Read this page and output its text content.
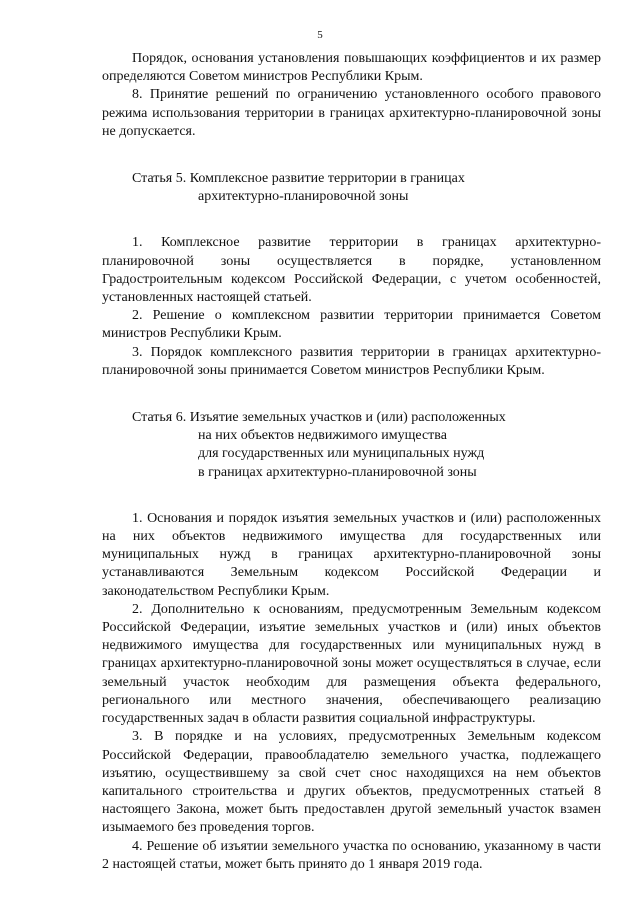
5

Порядок, основания установления повышающих коэффициентов и их размер определяются Советом министров Республики Крым.

8. Принятие решений по ограничению установленного особого правового режима использования территории в границах архитектурно-планировочной зоны не допускается.

Статья 5. Комплексное развитие территории в границах
архитектурно-планировочной зоны

1. Комплексное развитие территории в границах архитектурно-планировочной зоны осуществляется в порядке, установленном Градостроительным кодексом Российской Федерации, с учетом особенностей, установленных настоящей статьей.

2. Решение о комплексном развитии территории принимается Советом министров Республики Крым.

3. Порядок комплексного развития территории в границах архитектурно-планировочной зоны принимается Советом министров Республики Крым.

Статья 6. Изъятие земельных участков и (или) расположенных
на них объектов недвижимого имущества
для государственных или муниципальных нужд
в границах архитектурно-планировочной зоны

1. Основания и порядок изъятия земельных участков и (или) расположенных на них объектов недвижимого имущества для государственных или муниципальных нужд в границах архитектурно-планировочной зоны устанавливаются Земельным кодексом Российской Федерации и законодательством Республики Крым.

2. Дополнительно к основаниям, предусмотренным Земельным кодексом Российской Федерации, изъятие земельных участков и (или) иных объектов недвижимого имущества для государственных или муниципальных нужд в границах архитектурно-планировочной зоны может осуществляться в случае, если земельный участок необходим для размещения объекта федерального, регионального или местного значения, обеспечивающего реализацию государственных задач в области развития социальной инфраструктуры.

3. В порядке и на условиях, предусмотренных Земельным кодексом Российской Федерации, правообладателю земельного участка, подлежащего изъятию, осуществившему за свой счет снос находящихся на нем объектов капитального строительства и других объектов, предусмотренных статьей 8 настоящего Закона, может быть предоставлен другой земельный участок взамен изымаемого без проведения торгов.

4. Решение об изъятии земельного участка по основанию, указанному в части 2 настоящей статьи, может быть принято до 1 января 2019 года.
